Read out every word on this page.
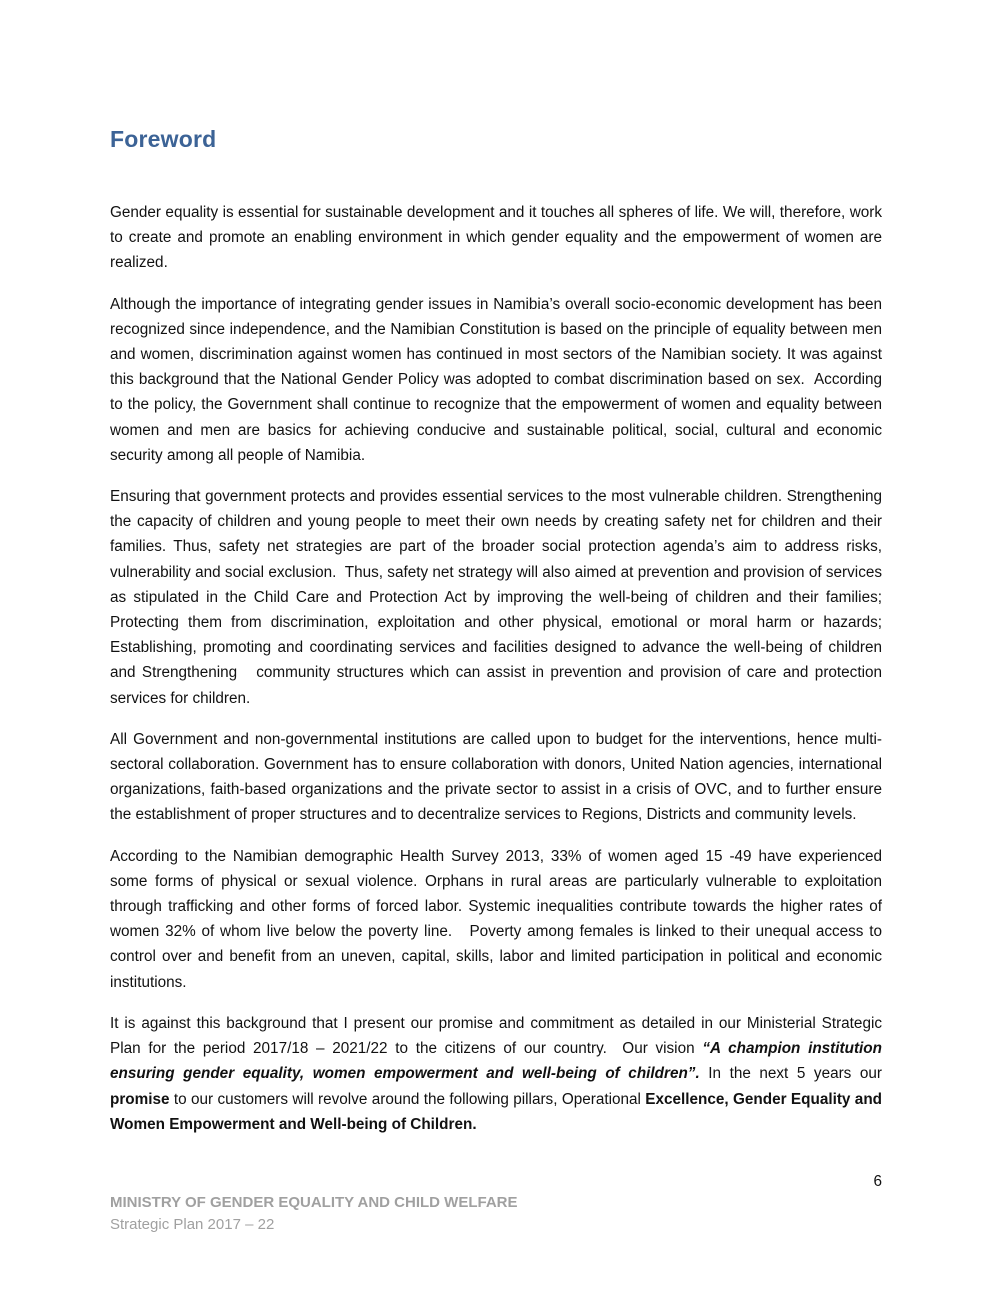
Foreword

Gender equality is essential for sustainable development and it touches all spheres of life. We will, therefore, work to create and promote an enabling environment in which gender equality and the empowerment of women are realized.

Although the importance of integrating gender issues in Namibia’s overall socio-economic development has been recognized since independence, and the Namibian Constitution is based on the principle of equality between men and women, discrimination against women has continued in most sectors of the Namibian society. It was against this background that the National Gender Policy was adopted to combat discrimination based on sex.  According to the policy, the Government shall continue to recognize that the empowerment of women and equality between women and men are basics for achieving conducive and sustainable political, social, cultural and economic security among all people of Namibia.

Ensuring that government protects and provides essential services to the most vulnerable children. Strengthening the capacity of children and young people to meet their own needs by creating safety net for children and their families. Thus, safety net strategies are part of the broader social protection agenda’s aim to address risks, vulnerability and social exclusion.  Thus, safety net strategy will also aimed at prevention and provision of services as stipulated in the Child Care and Protection Act by improving the well-being of children and their families; Protecting them from discrimination, exploitation and other physical, emotional or moral harm or hazards; Establishing, promoting and coordinating services and facilities designed to advance the well-being of children and Strengthening   community structures which can assist in prevention and provision of care and protection services for children.

All Government and non-governmental institutions are called upon to budget for the interventions, hence multi-sectoral collaboration. Government has to ensure collaboration with donors, United Nation agencies, international organizations, faith-based organizations and the private sector to assist in a crisis of OVC, and to further ensure the establishment of proper structures and to decentralize services to Regions, Districts and community levels.

According to the Namibian demographic Health Survey 2013, 33% of women aged 15 -49 have experienced some forms of physical or sexual violence. Orphans in rural areas are particularly vulnerable to exploitation through trafficking and other forms of forced labor. Systemic inequalities contribute towards the higher rates of women 32% of whom live below the poverty line.   Poverty among females is linked to their unequal access to control over and benefit from an uneven, capital, skills, labor and limited participation in political and economic institutions.

It is against this background that I present our promise and commitment as detailed in our Ministerial Strategic Plan for the period 2017/18 – 2021/22 to the citizens of our country.  Our vision “A champion institution ensuring gender equality, women empowerment and well-being of children”. In the next 5 years our promise to our customers will revolve around the following pillars, Operational Excellence, Gender Equality and Women Empowerment and Well-being of Children.

6
MINISTRY OF GENDER EQUALITY AND CHILD WELFARE
Strategic Plan 2017 – 22
